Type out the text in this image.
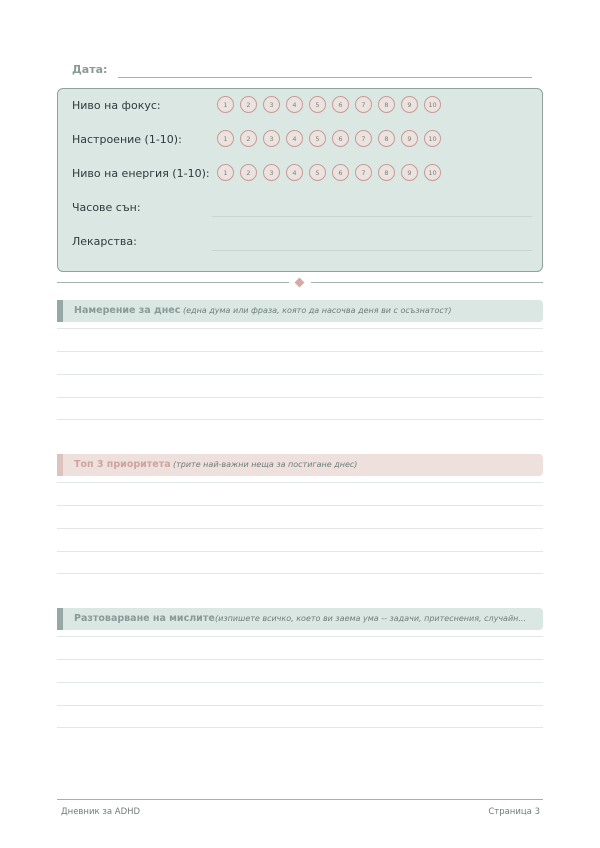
Дата:
Ниво на фокус:	1	2	3	4	5	6	7	8	9	10
Настроение (1-10):	1	2	3	4	5	6	7	8	9	10
Ниво на енергия (1-10):	1	2	3	4	5	6	7	8	9	10
Часове сън:
Лекарства:
Намерение за днес (една дума или фраза, която да насочва деня ви с осъзнатост)
Топ 3 приоритета (трите най-важни неща за постигане днес)
Разтоварване на мислите (изпишете всичко, което ви заема ума -- задачи, притеснения, случайн...
Дневник за ADHD	Страница 3
